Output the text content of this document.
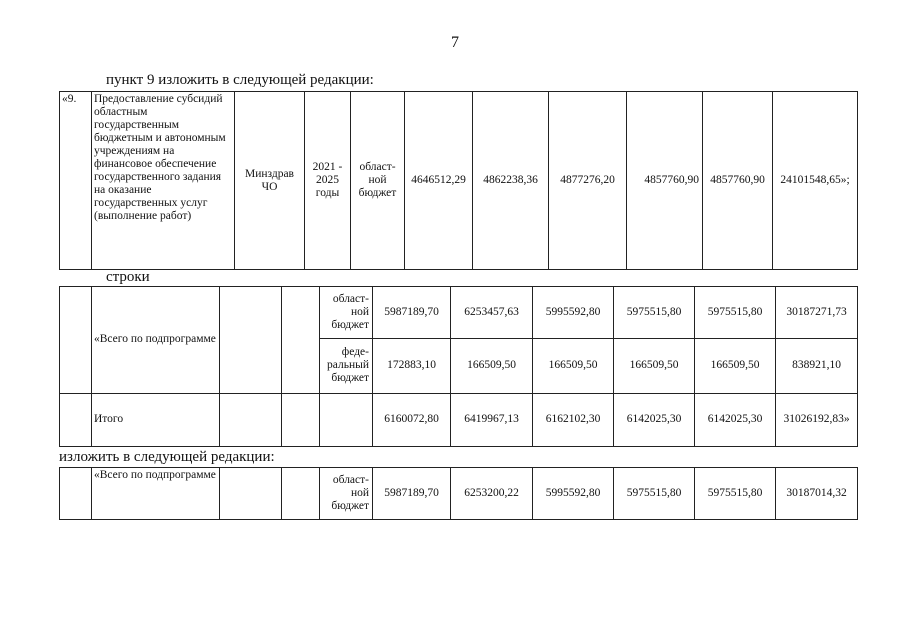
7
пункт 9 изложить в следующей редакции:
«9.	Предоставление субсидий областным государственным бюджетным и автономным учреждениям на финансовое обеспечение государственного задания на оказание государственных услуг (выполнение работ)	Минздрав ЧО	2021 - 2025 годы	област-ной бюджет	4646512,29	4862238,36	4877276,20	4857760,90	4857760,90	24101548,65»;
строки
	«Всего по подпрограмме			област-ной бюджет	5987189,70	6253457,63	5995592,80	5975515,80	5975515,80	30187271,73
				феде-ральный бюджет	172883,10	166509,50	166509,50	166509,50	166509,50	838921,10
	Итого				6160072,80	6419967,13	6162102,30	6142025,30	6142025,30	31026192,83»
изложить в следующей редакции:
	«Всего по подпрограмме			област-ной бюджет	5987189,70	6253200,22	5995592,80	5975515,80	5975515,80	30187014,32
